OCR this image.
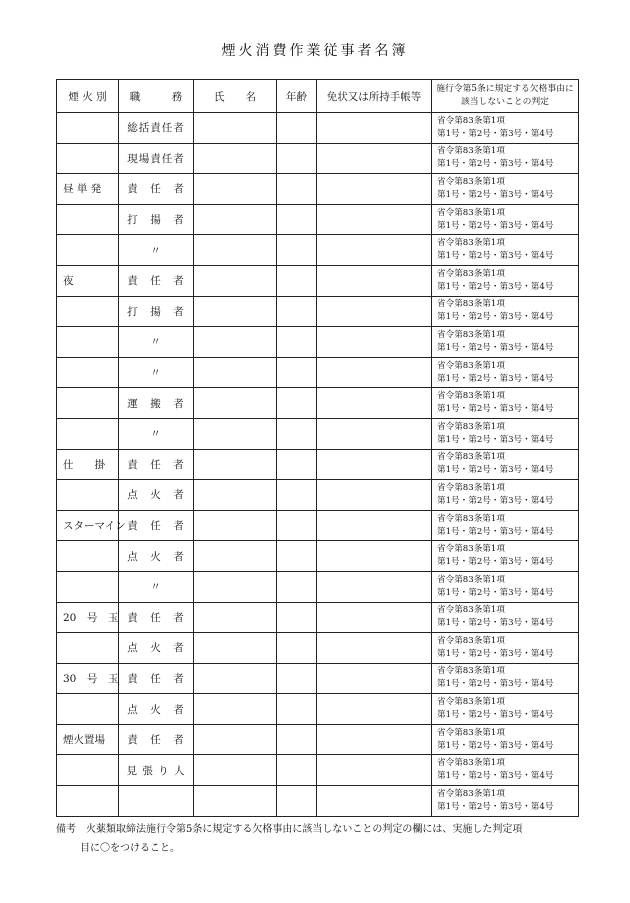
煙火消費作業従事者名簿
煙 火 別	職　　　務	氏　　名	年齢	免状又は所持手帳等	施行令第5条に規定する欠格事由に該当しないことの判定
	総括責任者				省令第83条第1項
第1号・第2号・第3号・第4号

	現場責任者				省令第83条第1項
第1号・第2号・第3号・第4号

昼 単 発	責　任　者				省令第83条第1項
第1号・第2号・第3号・第4号

	打　揚　者				省令第83条第1項
第1号・第2号・第3号・第4号

	〃				省令第83条第1項
第1号・第2号・第3号・第4号

夜	責　任　者				省令第83条第1項
第1号・第2号・第3号・第4号

	打　揚　者				省令第83条第1項
第1号・第2号・第3号・第4号

	〃				省令第83条第1項
第1号・第2号・第3号・第4号

	〃				省令第83条第1項
第1号・第2号・第3号・第4号

	運　搬　者				省令第83条第1項
第1号・第2号・第3号・第4号

	〃				省令第83条第1項
第1号・第2号・第3号・第4号

仕　　掛	責　任　者				省令第83条第1項
第1号・第2号・第3号・第4号

	点　火　者				省令第83条第1項
第1号・第2号・第3号・第4号

スターマイン	責　任　者				省令第83条第1項
第1号・第2号・第3号・第4号

	点　火　者				省令第83条第1項
第1号・第2号・第3号・第4号

	〃				省令第83条第1項
第1号・第2号・第3号・第4号

20　号　玉	責　任　者				省令第83条第1項
第1号・第2号・第3号・第4号

	点　火　者				省令第83条第1項
第1号・第2号・第3号・第4号

30　号　玉	責　任　者				省令第83条第1項
第1号・第2号・第3号・第4号

	点　火　者				省令第83条第1項
第1号・第2号・第3号・第4号

煙火置場	責　任　者				省令第83条第1項
第1号・第2号・第3号・第4号

	見 張 り 人				省令第83条第1項
第1号・第2号・第3号・第4号

					省令第83条第1項
第1号・第2号・第3号・第4号
備考　火薬類取締法施行令第5条に規定する欠格事由に該当しないことの判定の欄には、実施した判定項
目に〇をつけること。
